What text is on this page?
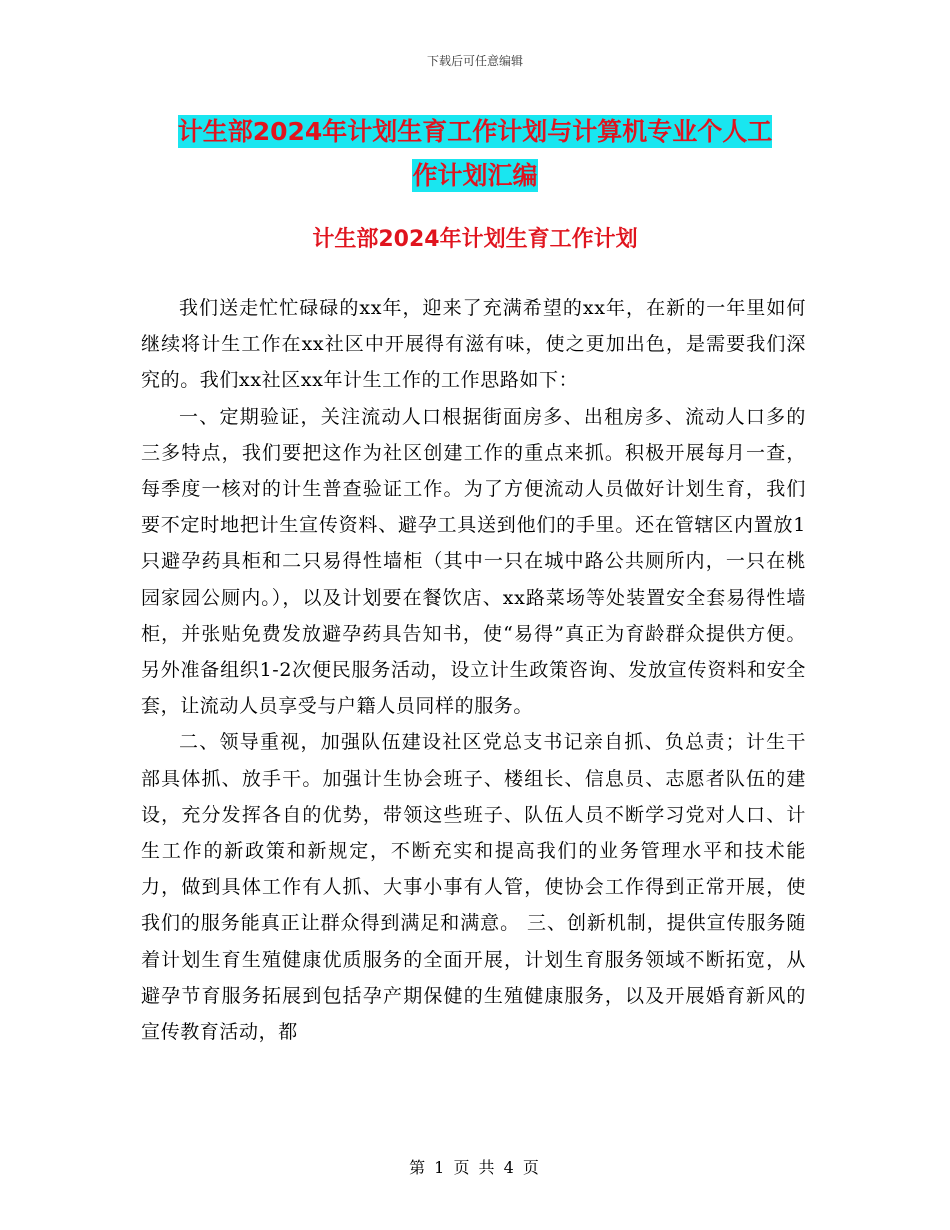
下载后可任意编辑
计生部2024年计划生育工作计划与计算机专业个人工
作计划汇编
计生部2024年计划生育工作计划

我们送走忙忙碌碌的xx年，迎来了充满希望的xx年，在新的一年里如何继续将计生工作在xx社区中开展得有滋有味，使之更加出色，是需要我们深究的。我们xx社区xx年计生工作的工作思路如下：

一、定期验证，关注流动人口根据街面房多、出租房多、流动人口多的三多特点，我们要把这作为社区创建工作的重点来抓。积极开展每月一查，每季度一核对的计生普查验证工作。为了方便流动人员做好计划生育，我们要不定时地把计生宣传资料、避孕工具送到他们的手里。还在管辖区内置放1只避孕药具柜和二只易得性墙柜（其中一只在城中路公共厕所内，一只在桃园家园公厕内。），以及计划要在餐饮店、xx路菜场等处装置安全套易得性墙柜，并张贴免费发放避孕药具告知书，使“易得”真正为育龄群众提供方便。另外准备组织1-2次便民服务活动，设立计生政策咨询、发放宣传资料和安全套，让流动人员享受与户籍人员同样的服务。

二、领导重视，加强队伍建设社区党总支书记亲自抓、负总责；计生干部具体抓、放手干。加强计生协会班子、楼组长、信息员、志愿者队伍的建设，充分发挥各自的优势，带领这些班子、队伍人员不断学习党对人口、计生工作的新政策和新规定，不断充实和提高我们的业务管理水平和技术能力，做到具体工作有人抓、大事小事有人管，使协会工作得到正常开展，使我们的服务能真正让群众得到满足和满意。 三、创新机制，提供宣传服务随着计划生育生殖健康优质服务的全面开展，计划生育服务领域不断拓宽，从避孕节育服务拓展到包括孕产期保健的生殖健康服务，以及开展婚育新风的宣传教育活动，都

第 1 页 共 4 页
